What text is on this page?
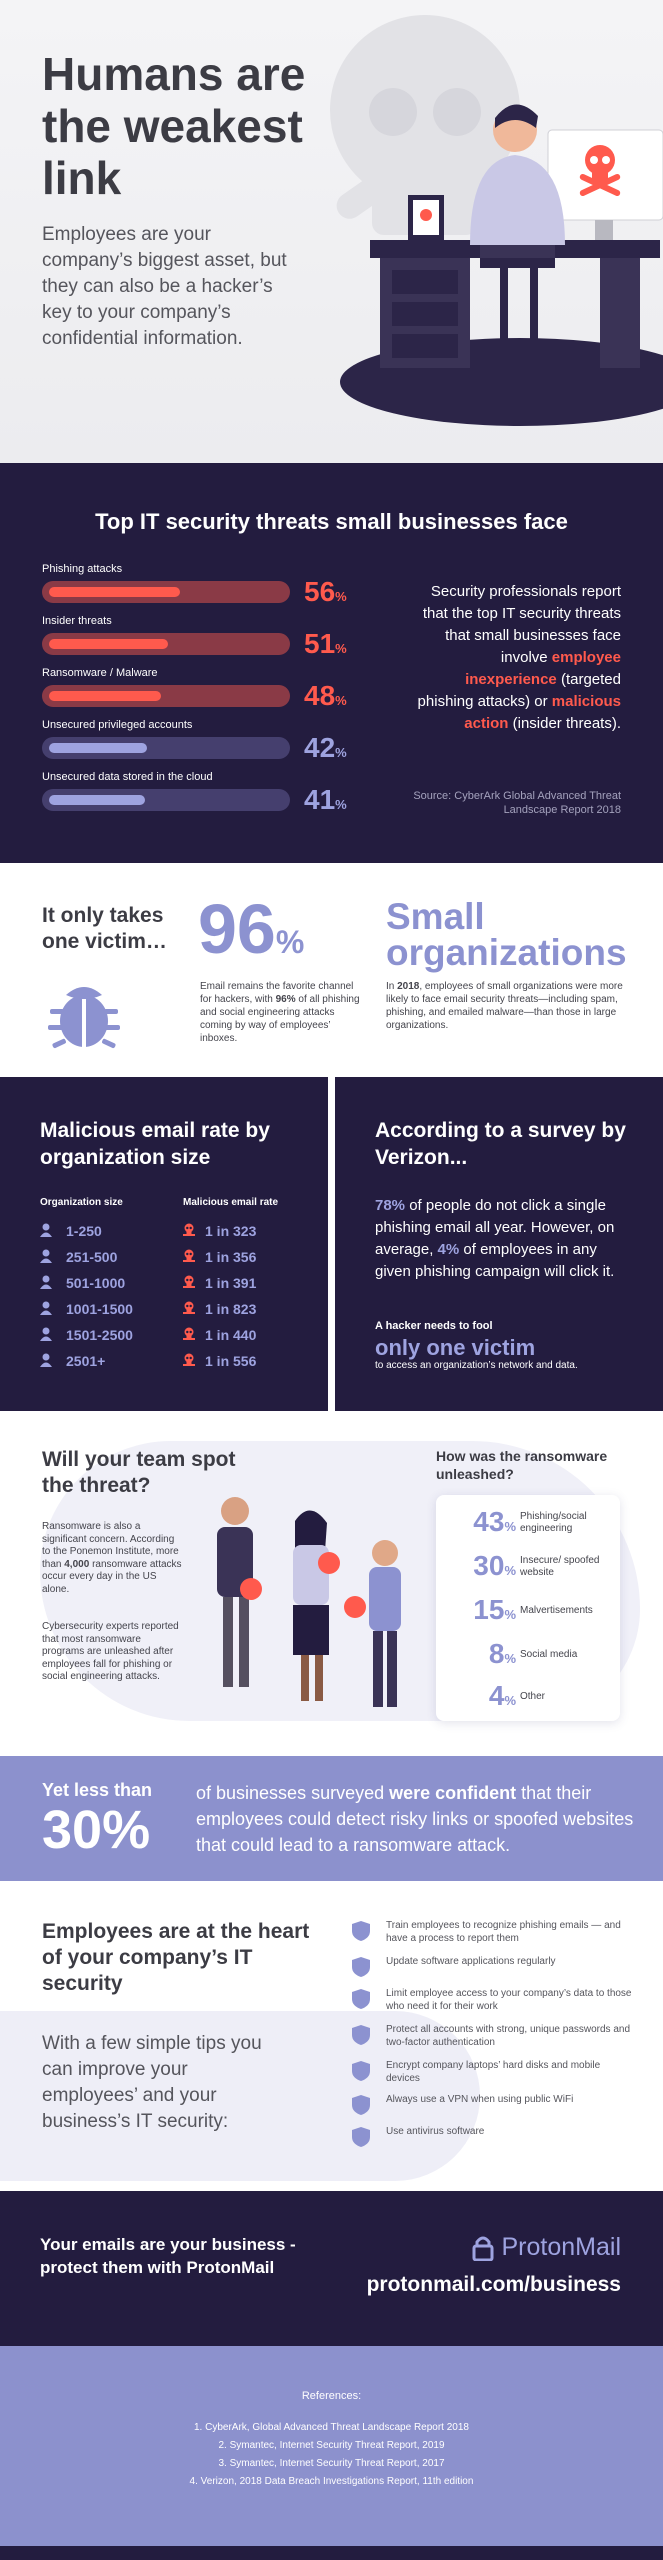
Humans are the weakest link

Employees are your company’s biggest asset, but they can also be a hacker’s key to your company’s confidential information.

Top IT security threats small businesses face
Phishing attacks
56%
Insider threats
51%
Ransomware / Malware
48%
Unsecured privileged accounts
42%
Unsecured data stored in the cloud
41%

Security professionals report that the top IT security threats that small businesses face involve employee inexperience (targeted phishing attacks) or malicious action (insider threats).

Source: CyberArk Global Advanced Threat Landscape Report 2018

It only takes one victim… 96%

Email remains the favorite channel for hackers, with 96% of all phishing and social engineering attacks coming by way of employees’ inboxes.

Small organizations

In 2018, employees of small organizations were more likely to face email security threats—including spam, phishing, and emailed malware—than those in large organizations.

Malicious email rate by organization size
Organization size	Malicious email rate
1-250	1 in 323
251-500	1 in 356
501-1000	1 in 391
1001-1500	1 in 823
1501-2500	1 in 440
2501+	1 in 556
According to a survey by Verizon...

78% of people do not click a single phishing email all year. However, on average, 4% of employees in any given phishing campaign will click it.

A hacker needs to fool
only one victim
to access an organization’s network and data.
Will your team spot the threat?

Ransomware is also a significant concern. According to the Ponemon Institute, more than 4,000 ransomware attacks occur every day in the US alone.

Cybersecurity experts reported that most ransomware programs are unleashed after employees fall for phishing or social engineering attacks.

How was the ransomware unleashed?
43%
Phishing/social engineering
30%
Insecure/ spoofed website
15% Malvertisements
8% Social media
4% Other
Yet less than
30%

of businesses surveyed were confident that their employees could detect risky links or spoofed websites that could lead to a ransomware attack.

Employees are at the heart of your company’s IT security

With a few simple tips you can improve your employees’ and your business’s IT security:

Train employees to recognize phishing emails — and have a process to report them
Update software applications regularly
Limit employee access to your company’s data to those who need it for their work
Protect all accounts with strong, unique passwords and two-factor authentication
Encrypt company laptops’ hard disks and mobile devices
Always use a VPN when using public WiFi
Use antivirus software
Your emails are your business - protect them with ProtonMail
ProtonMail
protonmail.com/business
References:
1. CyberArk, Global Advanced Threat Landscape Report 2018
2. Symantec, Internet Security Threat Report, 2019
3. Symantec, Internet Security Threat Report, 2017
4. Verizon, 2018 Data Breach Investigations Report, 11th edition
